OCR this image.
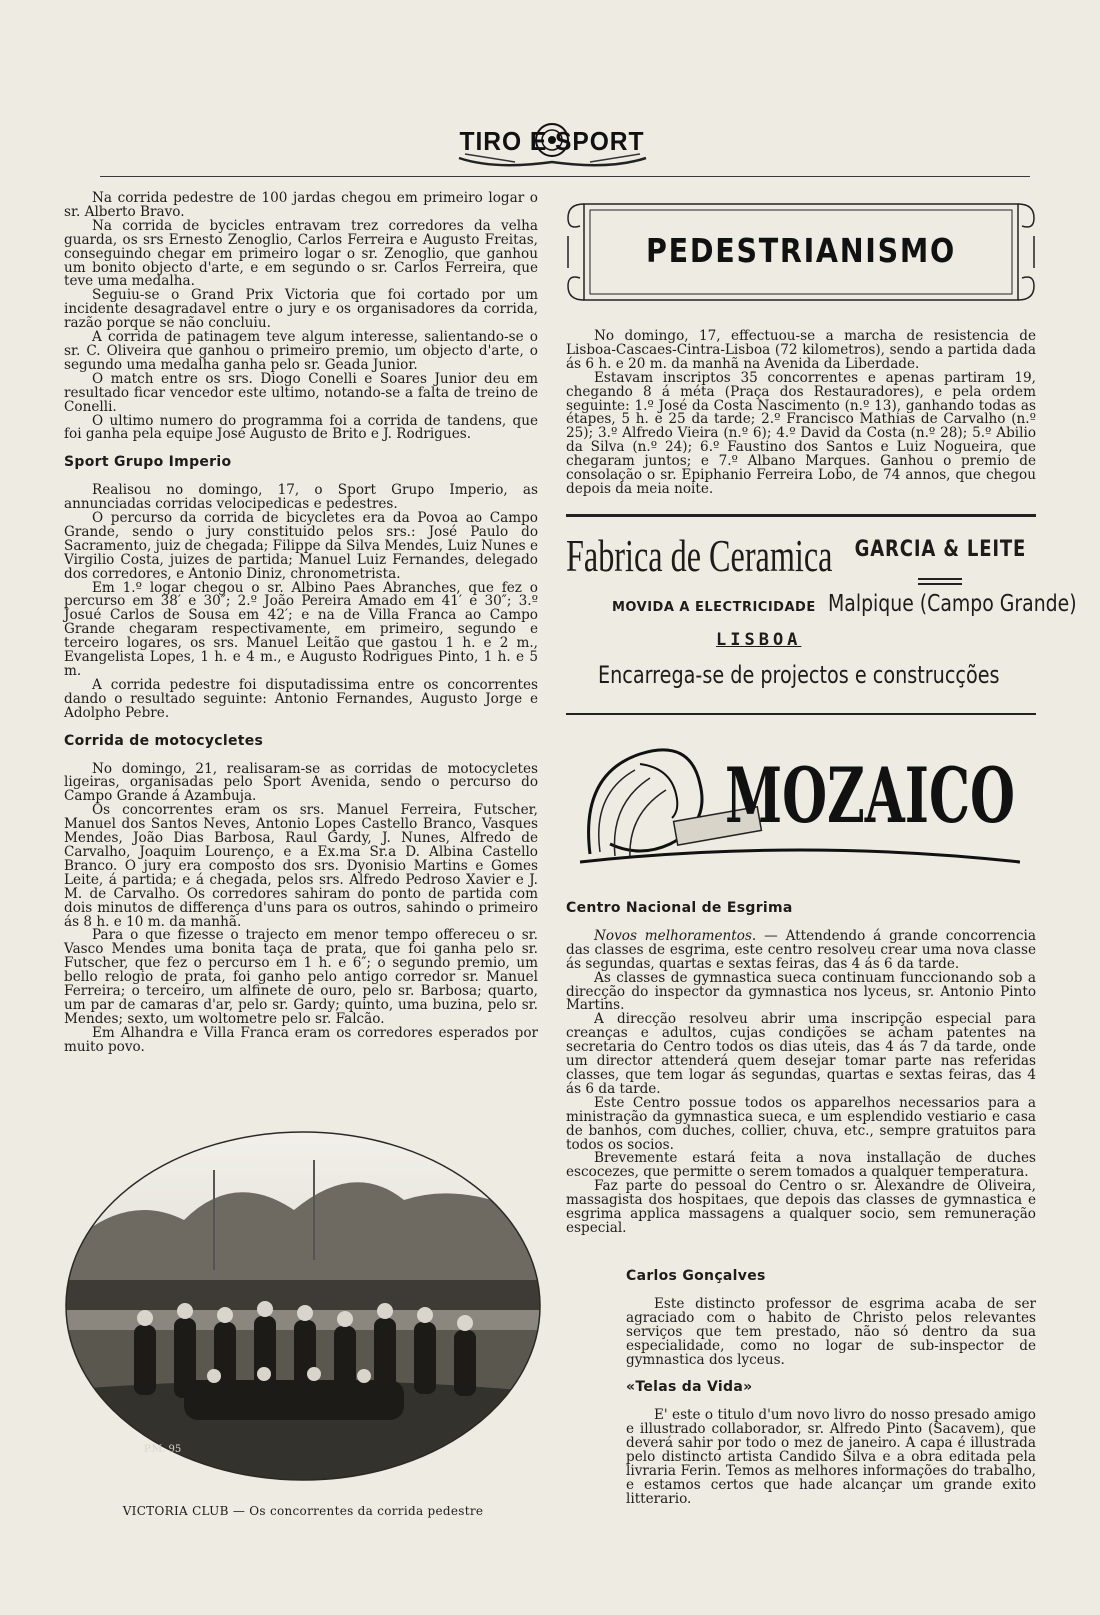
TIRO E SPORT

Na corrida pedestre de 100 jardas chegou em primeiro logar o sr. Alberto Bravo.

Na corrida de bycicles entravam trez corredores da velha guarda, os srs Ernesto Zenoglio, Carlos Ferreira e Augusto Freitas, conseguindo chegar em primeiro logar o sr. Zenoglio, que ganhou um bonito objecto d'arte, e em segundo o sr. Carlos Ferreira, que teve uma medalha.

Seguiu-se o Grand Prix Victoria que foi cortado por um incidente desagradavel entre o jury e os organisadores da corrida, razão porque se não concluiu.

A corrida de patinagem teve algum interesse, salientando-se o sr. C. Oliveira que ganhou o primeiro premio, um objecto d'arte, o segundo uma medalha ganha pelo sr. Geada Junior.

O match entre os srs. Diogo Conelli e Soares Junior deu em resultado ficar vencedor este ultimo, notando-se a falta de treino de Conelli.

O ultimo numero do programma foi a corrida de tandens, que foi ganha pela equipe José Augusto de Brito e J. Rodrigues.

Sport Grupo Imperio

Realisou no domingo, 17, o Sport Grupo Imperio, as annunciadas corridas velocipedicas e pedestres.

O percurso da corrida de bicycletes era da Povoa ao Campo Grande, sendo o jury constituido pelos srs.: José Paulo do Sacramento, juiz de chegada; Filippe da Silva Mendes, Luiz Nunes e Virgilio Costa, juizes de partida; Manuel Luiz Fernandes, delegado dos corredores, e Antonio Diniz, chronometrista.

Em 1.º logar chegou o sr. Albino Paes Abranches, que fez o percurso em 38′ e 30″; 2.º João Pereira Amado em 41′ e 30″; 3.º Josué Carlos de Sousa em 42′; e na de Villa Franca ao Campo Grande chegaram respectivamente, em primeiro, segundo e terceiro logares, os srs. Manuel Leitão que gastou 1 h. e 2 m., Evangelista Lopes, 1 h. e 4 m., e Augusto Rodrigues Pinto, 1 h. e 5 m.

A corrida pedestre foi disputadissima entre os concorrentes dando o resultado seguinte: Antonio Fernandes, Augusto Jorge e Adolpho Pebre.

Corrida de motocycletes

No domingo, 21, realisaram-se as corridas de motocycletes ligeiras, organisadas pelo Sport Avenida, sendo o percurso do Campo Grande á Azambuja.

Os concorrentes eram os srs. Manuel Ferreira, Futscher, Manuel dos Santos Neves, Antonio Lopes Castello Branco, Vasques Mendes, João Dias Barbosa, Raul Gardy, J. Nunes, Alfredo de Carvalho, Joaquim Lourenço, e a Ex.ma Sr.a D. Albina Castello Branco. O jury era composto dos srs. Dyonisio Martins e Gomes Leite, á partida; e á chegada, pelos srs. Alfredo Pedroso Xavier e J. M. de Carvalho. Os corredores sahiram do ponto de partida com dois minutos de differença d'uns para os outros, sahindo o primeiro ás 8 h. e 10 m. da manhã.

Para o que fizesse o trajecto em menor tempo offereceu o sr. Vasco Mendes uma bonita taça de prata, que foi ganha pelo sr. Futscher, que fez o percurso em 1 h. e 6″; o segundo premio, um bello relogio de prata, foi ganho pelo antigo corredor sr. Manuel Ferreira; o terceiro, um alfinete de ouro, pelo sr. Barbosa; quarto, um par de camaras d'ar, pelo sr. Gardy; quinto, uma buzina, pelo sr. Mendes; sexto, um woltometre pelo sr. Falcão.

Em Alhandra e Villa Franca eram os corredores esperados por muito povo.

P.M. 95
VICTORIA CLUB — Os concorrentes da corrida pedestre
PEDESTRIANISMO

No domingo, 17, effectuou-se a marcha de resistencia de Lisboa-Cascaes-Cintra-Lisboa (72 kilometros), sendo a partida dada ás 6 h. e 20 m. da manhã na Avenida da Liberdade.

Estavam inscriptos 35 concorrentes e apenas partiram 19, chegando 8 á méta (Praça dos Restauradores), e pela ordem seguinte: 1.º José da Costa Nascimento (n.º 13), ganhando todas as étapes, 5 h. e 25 da tarde; 2.º Francisco Mathias de Carvalho (n.º 25); 3.º Alfredo Vieira (n.º 6); 4.º David da Costa (n.º 28); 5.º Abilio da Silva (n.º 24); 6.º Faustino dos Santos e Luiz Nogueira, que chegaram juntos; e 7.º Albano Marques. Ganhou o premio de consolação o sr. Epiphanio Ferreira Lobo, de 74 annos, que chegou depois da meia noite.

Fabrica de Ceramica GARCIA & LEITE
MOVIDA A ELECTRICIDADE Malpique (Campo Grande)
LISBOA
Encarrega-se de projectos e construcções
MOZAICO
Centro Nacional de Esgrima

Novos melhoramentos. — Attendendo á grande concorrencia das classes de esgrima, este centro resolveu crear uma nova classe ás segundas, quartas e sextas feiras, das 4 ás 6 da tarde.

As classes de gymnastica sueca continuam funccionando sob a direcção do inspector da gymnastica nos lyceus, sr. Antonio Pinto Martins.

A direcção resolveu abrir uma inscripção especial para creanças e adultos, cujas condições se acham patentes na secretaria do Centro todos os dias uteis, das 4 ás 7 da tarde, onde um director attenderá quem desejar tomar parte nas referidas classes, que tem logar ás segundas, quartas e sextas feiras, das 4 ás 6 da tarde.

Este Centro possue todos os apparelhos necessarios para a ministração da gymnastica sueca, e um esplendido vestiario e casa de banhos, com duches, collier, chuva, etc., sempre gratuitos para todos os socios.

Brevemente estará feita a nova installação de duches escocezes, que permitte o serem tomados a qualquer temperatura.

Faz parte do pessoal do Centro o sr. Alexandre de Oliveira, massagista dos hospitaes, que depois das classes de gymnastica e esgrima applica massagens a qualquer socio, sem remuneração especial.

Carlos Gonçalves

Este distincto professor de esgrima acaba de ser agraciado com o habito de Christo pelos relevantes serviços que tem prestado, não só dentro da sua especialidade, como no logar de sub-inspector de gymnastica dos lyceus.

«Telas da Vida»

E' este o titulo d'um novo livro do nosso presado amigo e illustrado collaborador, sr. Alfredo Pinto (Sacavem), que deverá sahir por todo o mez de janeiro. A capa é illustrada pelo distincto artista Candido Silva e a obra editada pela livraria Ferin. Temos as melhores informações do trabalho, e estamos certos que hade alcançar um grande exito litterario.
